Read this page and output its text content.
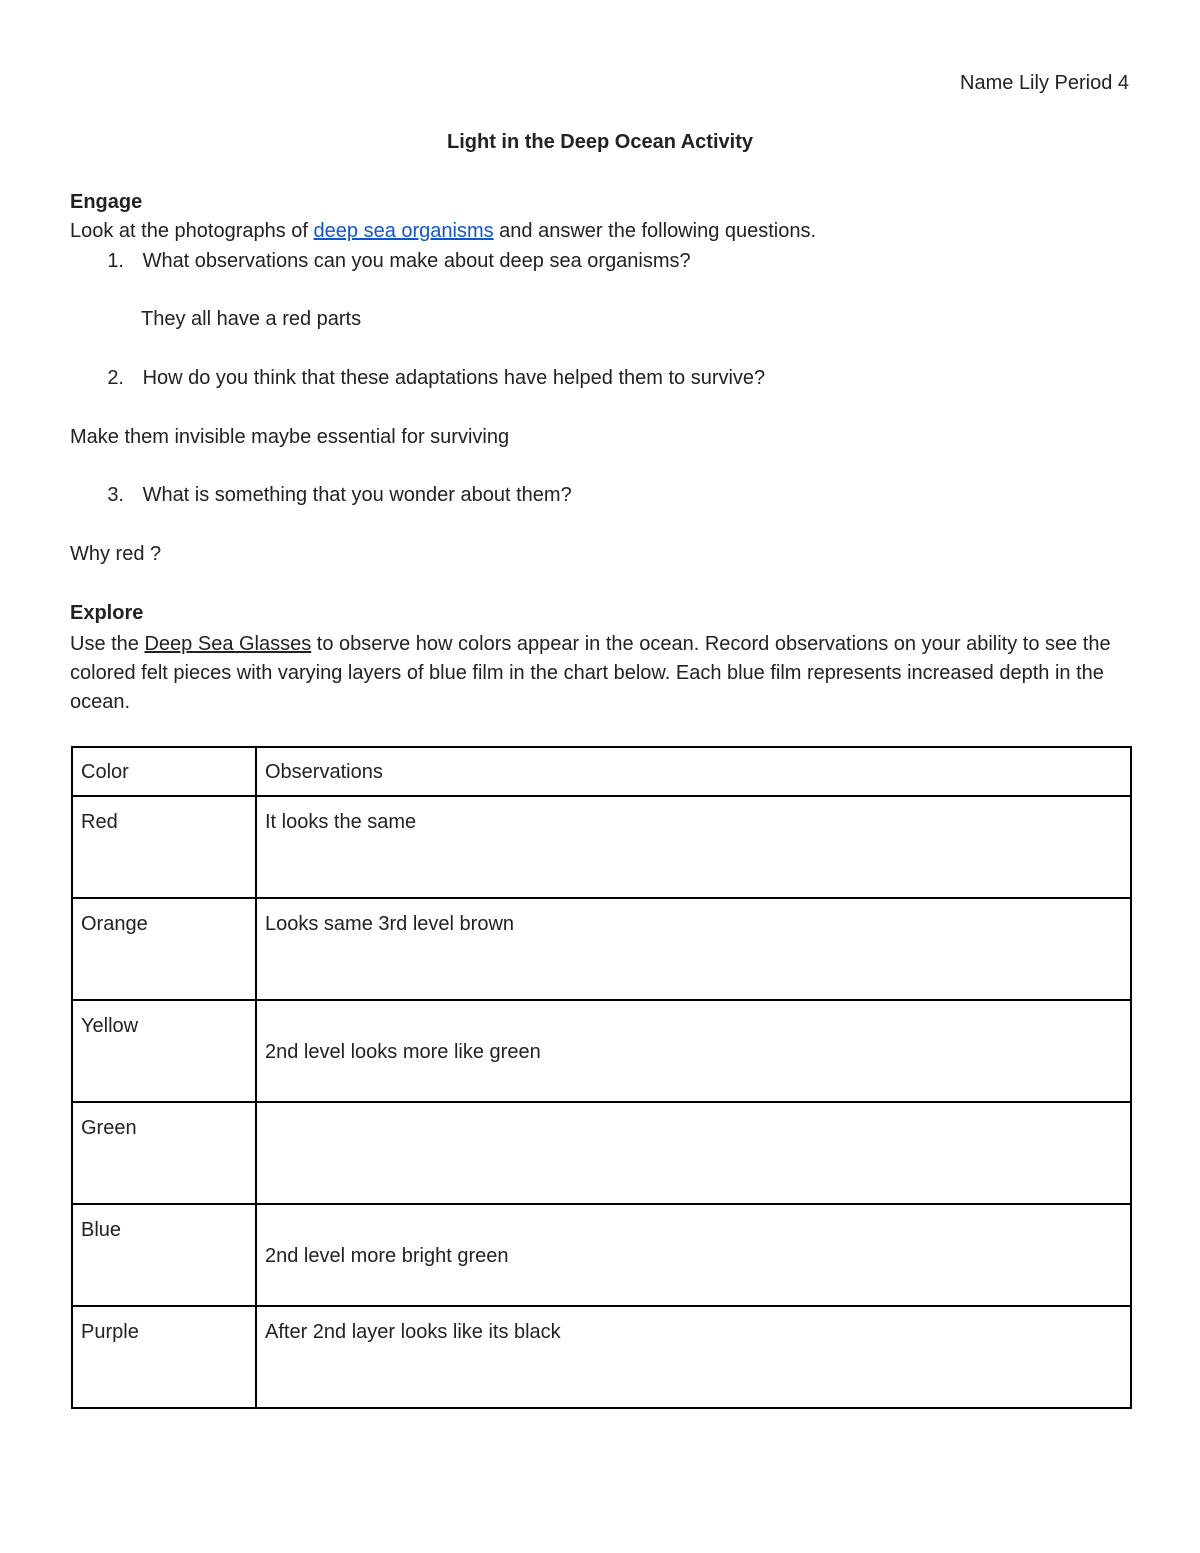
Name Lily Period 4
Light in the Deep Ocean Activity
Engage
Look at the photographs of deep sea organisms and answer the following questions.
1. What observations can you make about deep sea organisms?
They all have a red parts
2. How do you think that these adaptations have helped them to survive?
Make them invisible maybe essential for surviving
3. What is something that you wonder about them?
Why red ?
Explore
Use the Deep Sea Glasses to observe how colors appear in the ocean. Record observations on your ability to see the colored felt pieces with varying layers of blue film in the chart below. Each blue film represents increased depth in the ocean.
Color	Observations
Red	It looks the same
Orange	Looks same 3rd level brown
Yellow	2nd level looks more like green

Green	
Blue	2nd level more bright green

Purple	After 2nd layer looks like its black
